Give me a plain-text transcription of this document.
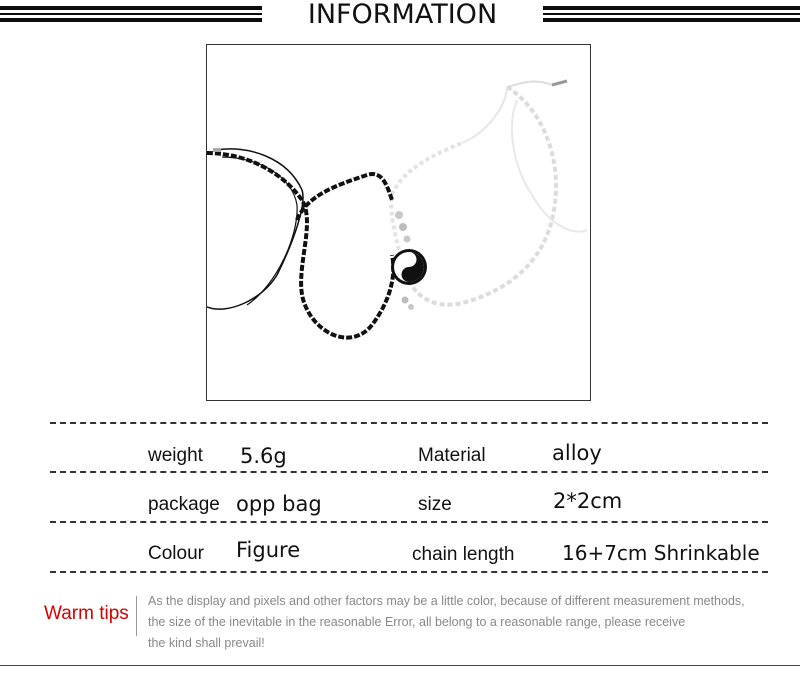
INFORMATION
weight 5.6g	Material	alloy
package opp bag	size	2*2cm
Colour Figure	chain length 16+7cm Shrinkable
Warm tips
As the display and pixels and other factors may be a little color, because of different measurement methods,
the size of the inevitable in the reasonable Error, all belong to a reasonable range, please receive
the kind shall prevail!
